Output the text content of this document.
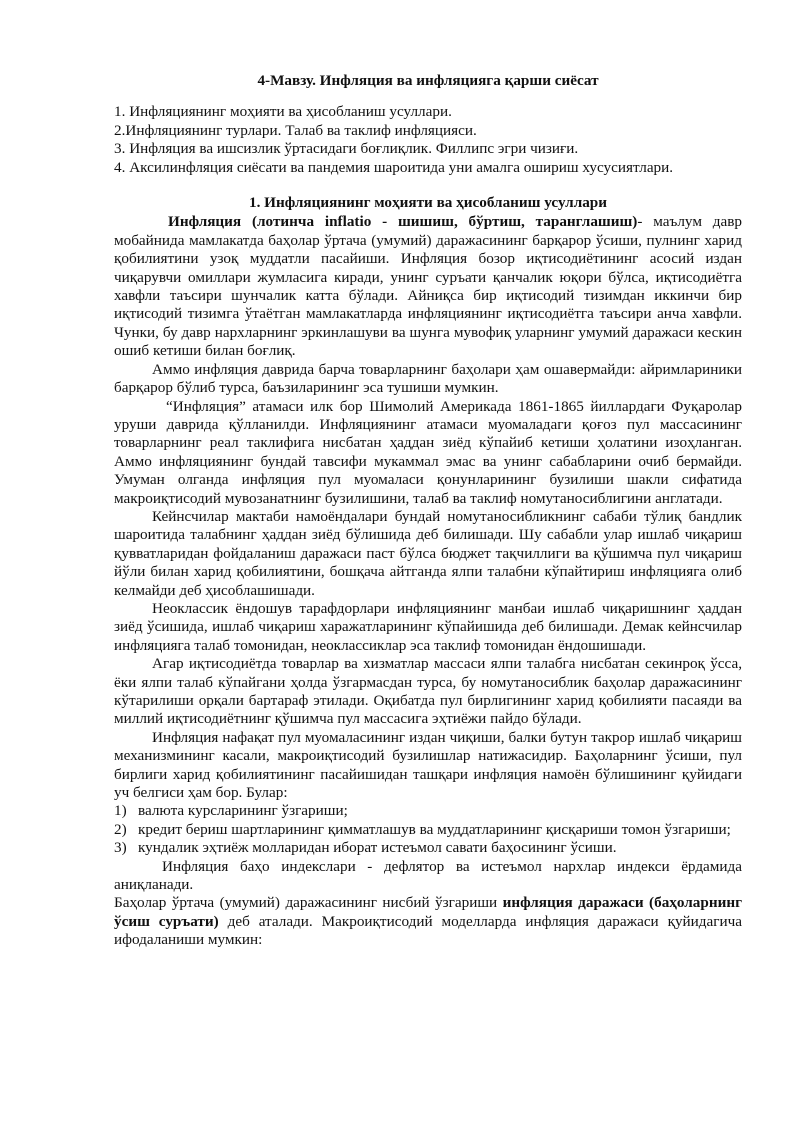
4-Мавзу. Инфляция ва инфляцияга қарши сиёсат
1. Инфляциянинг моҳияти ва ҳисобланиш усуллари.
2.Инфляциянинг турлари. Талаб ва таклиф инфляцияси.
3. Инфляция ва ишсизлик ўртасидаги боғлиқлик. Филлипс эгри чизиғи.
4. Аксилинфляция сиёсати ва пандемия шароитида уни амалга ошириш хусусиятлари.
1. Инфляциянинг моҳияти ва ҳисобланиш усуллари

Инфляция (лотинча inflatio - шишиш, бўртиш, таранглашиш)- маълум давр мобайнида мамлакатда баҳолар ўртача (умумий) даражасининг барқарор ўсиши, пулнинг харид қобилиятини узоқ муддатли пасайиши. Инфляция бозор иқтисодиётининг асосий издан чиқарувчи омиллари жумласига киради, унинг суръати қанчалик юқори бўлса, иқтисодиётга хавфли таъсири шунчалик катта бўлади. Айниқса бир иқтисодий тизимдан иккинчи бир иқтисодий тизимга ўтаётган мамлакатларда инфляциянинг иқтисодиётга таъсири анча хавфли. Чунки, бу давр нархларнинг эркинлашуви ва шунга мувофиқ уларнинг умумий даражаси кескин ошиб кетиши билан боғлиқ.

Аммо инфляция даврида барча товарларнинг баҳолари ҳам ошавермайди: айримлариники барқарор бўлиб турса, баъзиларининг эса тушиши мумкин.

“Инфляция” атамаси илк бор Шимолий Америкада 1861-1865 йиллардаги Фуқаролар уруши даврида қўлланилди. Инфляциянинг атамаси муомаладаги қоғоз пул массасининг товарларнинг реал таклифига нисбатан ҳаддан зиёд кўпайиб кетиши ҳолатини изоҳланган. Аммо инфляциянинг бундай тавсифи мукаммал эмас ва унинг сабабларини очиб бермайди. Умуман олганда инфляция пул муомаласи қонунларининг бузилиши шакли сифатида макроиқтисодий мувозанатнинг бузилишини, талаб ва таклиф номутаносиблигини англатади.

Кейнсчилар мактаби намоёндалари бундай номутаносибликнинг сабаби тўлиқ бандлик шароитида талабнинг ҳаддан зиёд бўлишида деб билишади. Шу сабабли улар ишлаб чиқариш қувватларидан фойдаланиш даражаси паст бўлса бюджет тақчиллиги ва қўшимча пул чиқариш йўли билан харид қобилиятини, бошқача айтганда ялпи талабни кўпайтириш инфляцияга олиб келмайди деб ҳисоблашишади.

Неоклассик ёндошув тарафдорлари инфляциянинг манбаи ишлаб чиқаришнинг ҳаддан зиёд ўсишида, ишлаб чиқариш харажатларининг кўпайишида деб билишади. Демак кейнсчилар инфляцияга талаб томонидан, неоклассиклар эса таклиф томонидан ёндошишади.

Агар иқтисодиётда товарлар ва хизматлар массаси ялпи талабга нисбатан секинроқ ўсса, ёки ялпи талаб кўпайгани ҳолда ўзгармасдан турса, бу номутаносиблик баҳолар даражасининг кўтарилиши орқали бартараф этилади. Оқибатда пул бирлигининг харид қобилияти пасаяди ва миллий иқтисодиётнинг қўшимча пул массасига эҳтиёжи пайдо бўлади.

Инфляция нафақат пул муомаласининг издан чиқиши, балки бутун такрор ишлаб чиқариш механизмининг касали, макроиқтисодий бузилишлар натижасидир. Баҳоларнинг ўсиши, пул бирлиги харид қобилиятининг пасайишидан ташқари инфляция намоён бўлишининг қуйидаги уч белгиси ҳам бор. Булар:

1) валюта курсларининг ўзгариши;
2) кредит бериш шартларининг қимматлашув ва муддатларининг қисқариши томон ўзгариши;
3) кундалик эҳтиёж молларидан иборат истеъмол савати баҳосининг ўсиши.

Инфляция баҳо индекслари - дефлятор ва истеъмол нархлар индекси ёрдамида аниқланади.

Баҳолар ўртача (умумий) даражасининг нисбий ўзгариши инфляция даражаси (баҳоларнинг ўсиш суръати) деб аталади. Макроиқтисодий моделларда инфляция даражаси қуйидагича ифодаланиши мумкин:
